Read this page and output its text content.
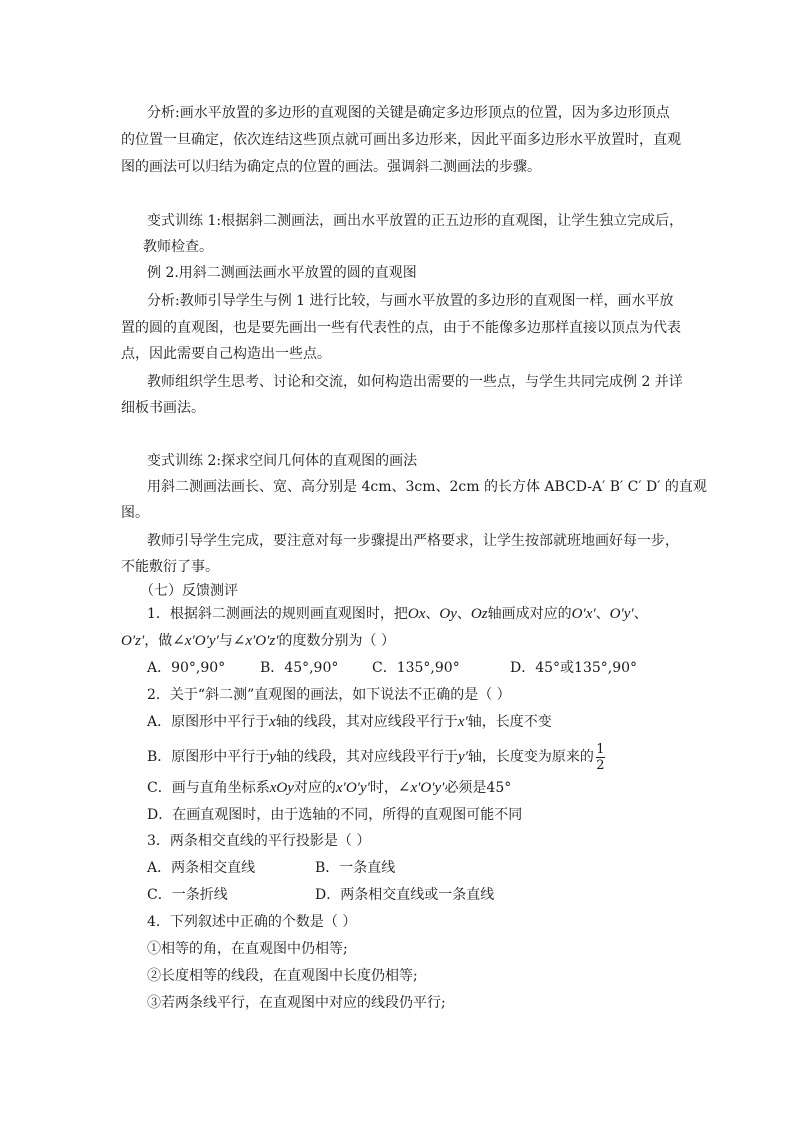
分析:画水平放置的多边形的直观图的关键是确定多边形顶点的位置，因为多边形顶点
的位置一旦确定，依次连结这些顶点就可画出多边形来，因此平面多边形水平放置时，直观
图的画法可以归结为确定点的位置的画法。强调斜二测画法的步骤。
变式训练 1:根据斜二测画法，画出水平放置的正五边形的直观图，让学生独立完成后，
教师检查。
例 2.用斜二测画法画水平放置的圆的直观图
分析:教师引导学生与例 1 进行比较，与画水平放置的多边形的直观图一样，画水平放
置的圆的直观图，也是要先画出一些有代表性的点，由于不能像多边那样直接以顶点为代表
点，因此需要自己构造出一些点。
教师组织学生思考、讨论和交流，如何构造出需要的一些点，与学生共同完成例 2 并详
细板书画法。
变式训练 2:探求空间几何体的直观图的画法
用斜二测画法画长、宽、高分别是 4cm、3cm、2cm 的长方体 ABCD-A′ B′ C′ D′ 的直观
图。
教师引导学生完成，要注意对每一步骤提出严格要求，让学生按部就班地画好每一步，
不能敷衍了事。
（七）反馈测评
1．根据斜二测画法的规则画直观图时，把Ox、Oy、Oz轴画成对应的O′x′、O′y′、
O′z′，做∠x′O′y′与∠x′O′z′的度数分别为（ ）
A．90°,90° B．45°,90° C．135°,90°	D．45°或135°,90°
2．关于“斜二测”直观图的画法，如下说法不正确的是（ ）
A．原图形中平行于x轴的线段，其对应线段平行于x′轴，长度不变
B．原图形中平行于y轴的线段，其对应线段平行于y′轴，长度变为原来的 $\frac{1}{2}$
C．画与直角坐标系xOy对应的x′O′y′时，∠x′O′y′必须是45°
D．在画直观图时，由于选轴的不同，所得的直观图可能不同
3．两条相交直线的平行投影是（ ）
A．两条相交直线	B．一条直线
C．一条折线	D．两条相交直线或一条直线
4．下列叙述中正确的个数是（ ）
①相等的角，在直观图中仍相等;
②长度相等的线段，在直观图中长度仍相等;
③若两条线平行，在直观图中对应的线段仍平行;
